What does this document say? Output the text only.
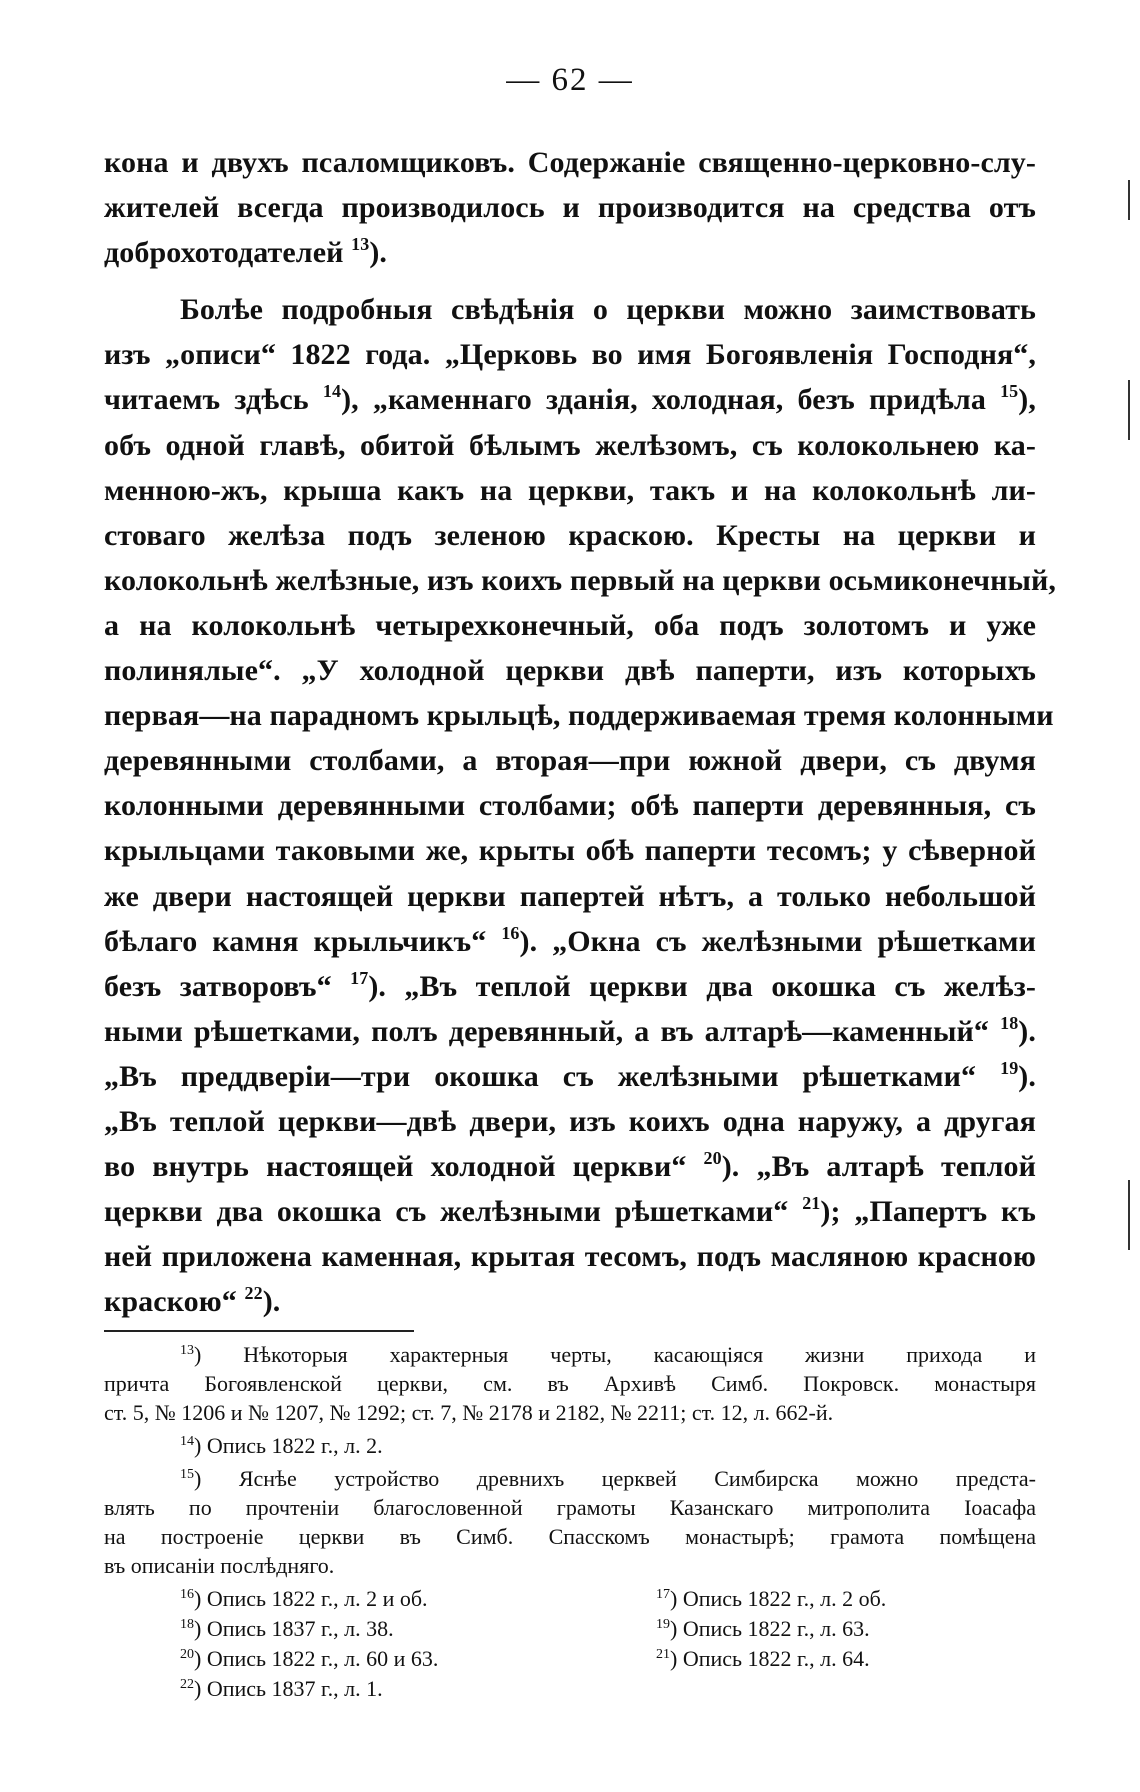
— 62 —
кона и двухъ псаломщиковъ. Содержаніе священно-церковно-слу-
жителей всегда производилось и производится на средства отъ
доброхотодателей $^{13}$).
Болѣе подробныя свѣдѣнія о церкви можно заимствовать
изъ „описи“ 1822 года. „Церковь во имя Богоявленія Господня“,
читаемъ здѣсь $^{14}$), „каменнаго зданія, холодная, безъ придѣла $^{15}$),
объ одной главѣ, обитой бѣлымъ желѣзомъ, съ колокольнею ка-
менною-жъ, крыша какъ на церкви, такъ и на колокольнѣ ли-
стоваго желѣза подъ зеленою краскою. Кресты на церкви и
колокольнѣ желѣзные, изъ коихъ первый на церкви осьмиконечный,
а на колокольнѣ четырехконечный, оба подъ золотомъ и уже
полинялые“. „У холодной церкви двѣ паперти, изъ которыхъ
первая—на парадномъ крыльцѣ, поддерживаемая тремя колонными
деревянными столбами, а вторая—при южной двери, съ двумя
колонными деревянными столбами; обѣ паперти деревянныя, съ
крыльцами таковыми же, крыты обѣ паперти тесомъ; у сѣверной
же двери настоящей церкви папертей нѣтъ, а только небольшой
бѣлаго камня крыльчикъ“ $^{16}$). „Окна съ желѣзными рѣшетками
безъ затворовъ“ $^{17}$). „Въ теплой церкви два окошка съ желѣз-
ными рѣшетками, полъ деревянный, а въ алтарѣ—каменный“ $^{18}$).
„Въ преддверіи—три окошка съ желѣзными рѣшетками“ $^{19}$).
„Въ теплой церкви—двѣ двери, изъ коихъ одна наружу, а другая
во внутрь настоящей холодной церкви“ $^{20}$). „Въ алтарѣ теплой
церкви два окошка съ желѣзными рѣшетками“ $^{21}$); „Папертъ къ
ней приложена каменная, крытая тесомъ, подъ масляною красною
краскою“ $^{22}$).
$^{13}$) Нѣкоторыя характерныя черты, касающіяся жизни прихода и
причта Богоявленской церкви, см. въ Архивѣ Симб. Покровск. монастыря
ст. 5, № 1206 и № 1207, № 1292; ст. 7, № 2178 и 2182, № 2211; ст. 12, л. 662-й.
$^{14}$) Опись 1822 г., л. 2.
$^{15}$) Яснѣе устройство древнихъ церквей Симбирска можно предста-
влять по прочтеніи благословенной грамоты Казанскаго митрополита Іоасафа
на построеніе церкви въ Симб. Спасскомъ монастырѣ; грамота помѣщена
въ описаніи послѣдняго.
$^{16}$) Опись 1822 г., л. 2 и об.	$^{17}$) Опись 1822 г., л. 2 об.
$^{18}$) Опись 1837 г., л. 38.	$^{19}$) Опись 1822 г., л. 63.
$^{20}$) Опись 1822 г., л. 60 и 63.	$^{21}$) Опись 1822 г., л. 64.
$^{22}$) Опись 1837 г., л. 1.
